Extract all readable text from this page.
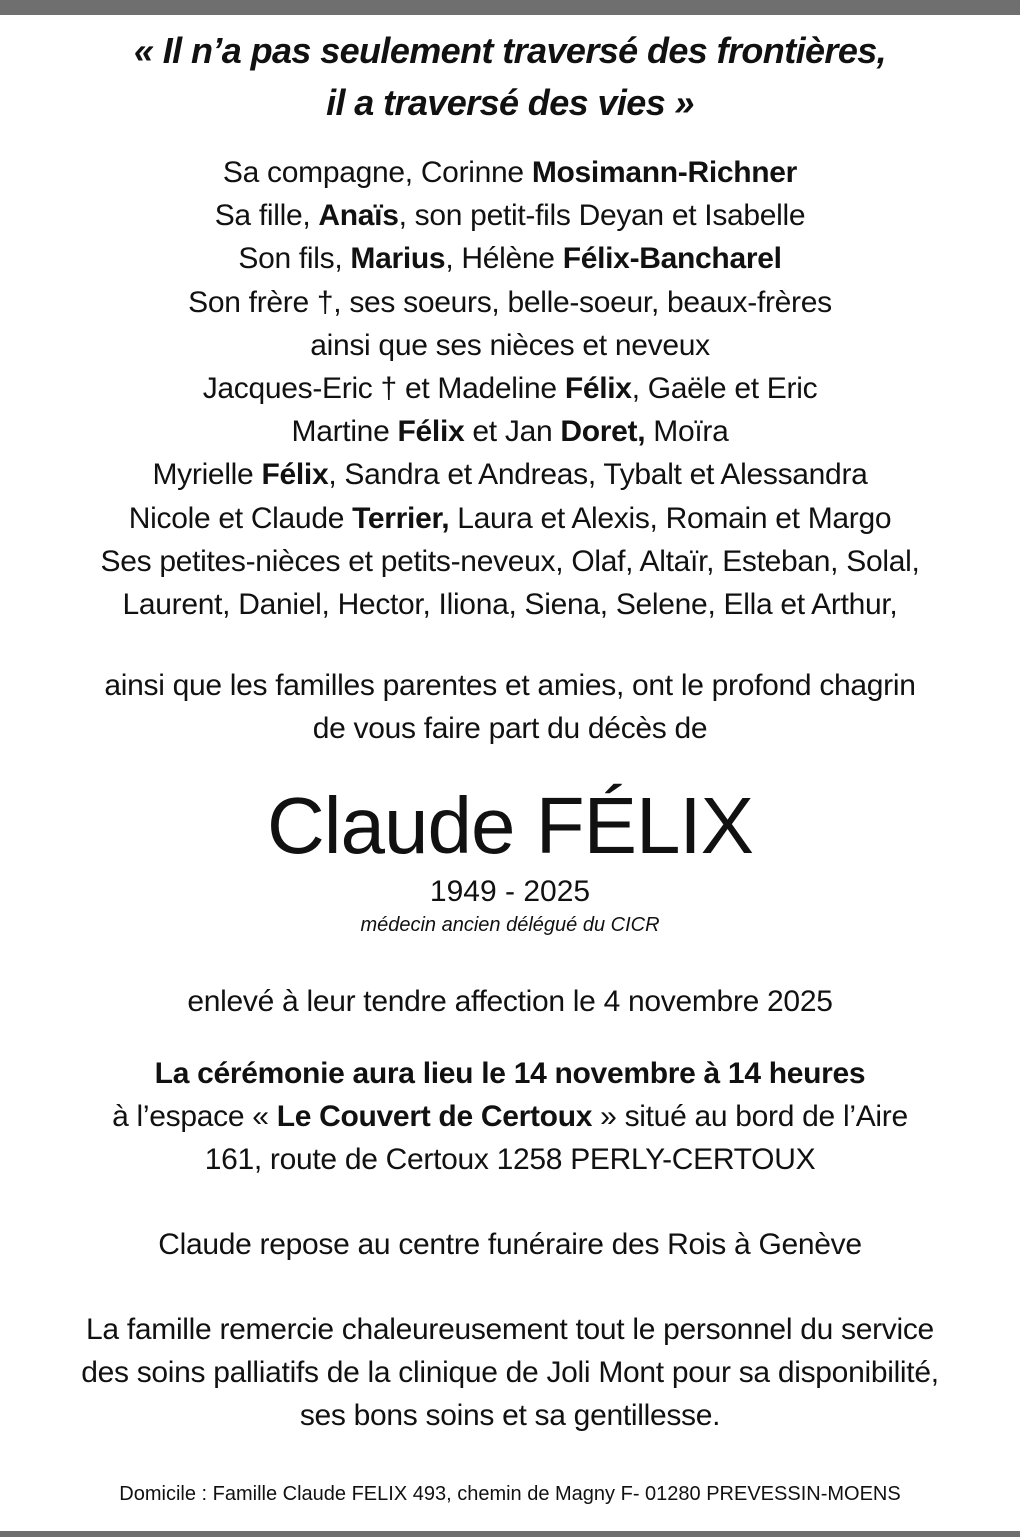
« Il n’a pas seulement traversé des frontières,

il a traversé des vies »

Sa compagne, Corinne Mosimann-Richner

Sa fille, Anaïs, son petit-fils Deyan et Isabelle

Son fils, Marius, Hélène Félix-Bancharel

Son frère †, ses soeurs, belle-soeur, beaux-frères

ainsi que ses nièces et neveux

Jacques-Eric † et Madeline Félix, Gaële et Eric

Martine Félix et Jan Doret, Moïra

Myrielle Félix, Sandra et Andreas, Tybalt et Alessandra

Nicole et Claude Terrier, Laura et Alexis, Romain et Margo

Ses petites-nièces et petits-neveux, Olaf, Altaïr, Esteban, Solal,

Laurent, Daniel, Hector, Iliona, Siena, Selene, Ella et Arthur,

ainsi que les familles parentes et amies, ont le profond chagrin

de vous faire part du décès de

Claude FÉLIX

1949 - 2025

médecin ancien délégué du CICR

enlevé à leur tendre affection le 4 novembre 2025

La cérémonie aura lieu le 14 novembre à 14 heures

à l’espace « Le Couvert de Certoux » situé au bord de l’Aire

161, route de Certoux 1258 PERLY-CERTOUX

Claude repose au centre funéraire des Rois à Genève

La famille remercie chaleureusement tout le personnel du service

des soins palliatifs de la clinique de Joli Mont pour sa disponibilité,

ses bons soins et sa gentillesse.

Domicile : Famille Claude FELIX 493, chemin de Magny F- 01280 PREVESSIN-MOENS
